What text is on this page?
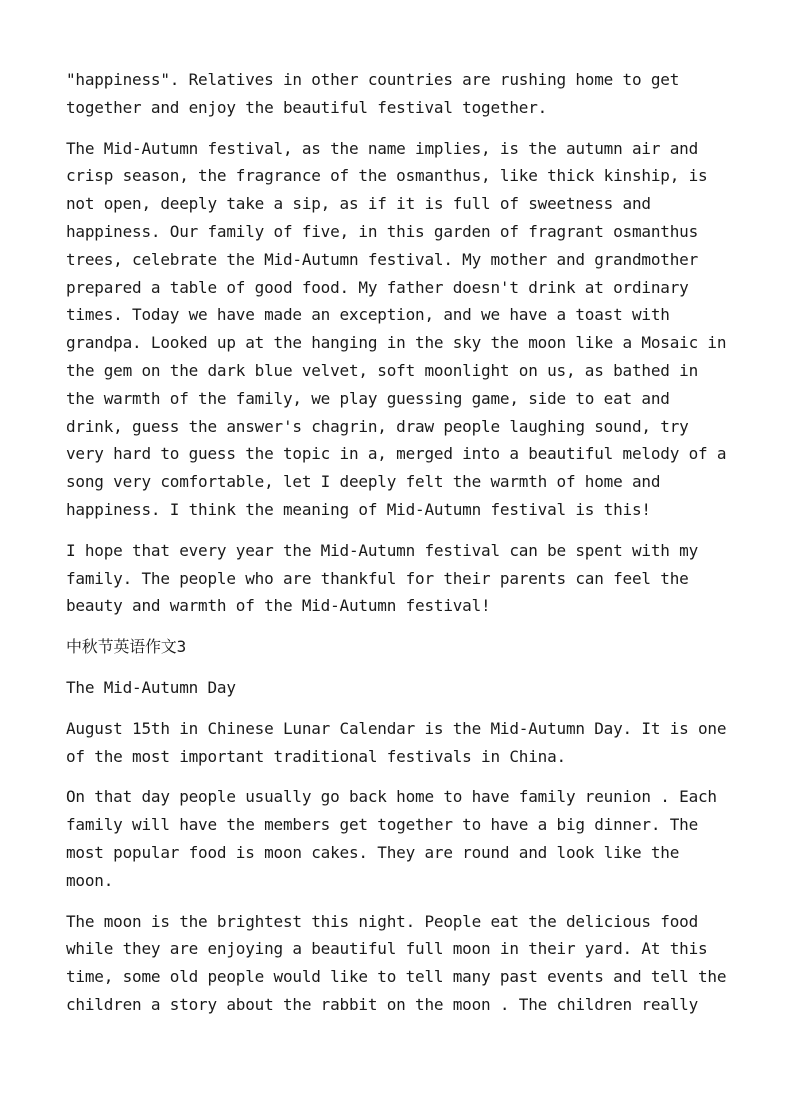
"happiness". Relatives in other countries are rushing home to get
together and enjoy the beautiful festival together.

The Mid-Autumn festival, as the name implies, is the autumn air and
crisp season, the fragrance of the osmanthus, like thick kinship, is
not open, deeply take a sip, as if it is full of sweetness and
happiness. Our family of five, in this garden of fragrant osmanthus
trees, celebrate the Mid-Autumn festival. My mother and grandmother
prepared a table of good food. My father doesn't drink at ordinary
times. Today we have made an exception, and we have a toast with
grandpa. Looked up at the hanging in the sky the moon like a Mosaic in
the gem on the dark blue velvet, soft moonlight on us, as bathed in
the warmth of the family, we play guessing game, side to eat and
drink, guess the answer's chagrin, draw people laughing sound, try
very hard to guess the topic in a, merged into a beautiful melody of a
song very comfortable, let I deeply felt the warmth of home and
happiness. I think the meaning of Mid-Autumn festival is this!

I hope that every year the Mid-Autumn festival can be spent with my
family. The people who are thankful for their parents can feel the
beauty and warmth of the Mid-Autumn festival!

中秋节英语作文3

The Mid-Autumn Day

August 15th in Chinese Lunar Calendar is the Mid-Autumn Day. It is one
of the most important traditional festivals in China.

On that day people usually go back home to have family reunion . Each
family will have the members get together to have a big dinner. The
most popular food is moon cakes. They are round and look like the
moon.

The moon is the brightest this night. People eat the delicious food
while they are enjoying a beautiful full moon in their yard. At this
time, some old people would like to tell many past events and tell the
children a story about the rabbit on the moon . The children really
